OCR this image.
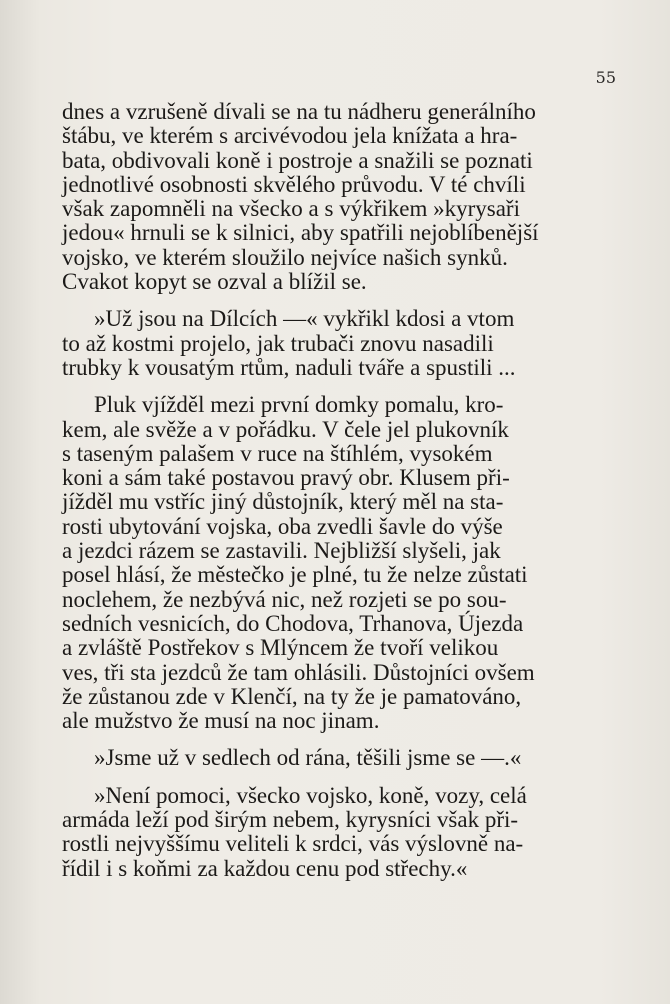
55

dnes a vzrušeně dívali se na tu nádheru generálního
štábu, ve kterém s arcivévodou jela knížata a hra-
bata, obdivovali koně i postroje a snažili se poznati
jednotlivé osobnosti skvělého průvodu. V té chvíli
však zapomněli na všecko a s výkřikem »kyrysaři
jedou« hrnuli se k silnici, aby spatřili nejoblíbenější
vojsko, ve kterém sloužilo nejvíce našich synků.
Cvakot kopyt se ozval a blížil se.

»Už jsou na Dílcích —« vykřikl kdosi a vtom
to až kostmi projelo, jak trubači znovu nasadili
trubky k vousatým rtům, naduli tváře a spustili ...

Pluk vjížděl mezi první domky pomalu, kro-
kem, ale svěže a v pořádku. V čele jel plukovník
s taseným palašem v ruce na štíhlém, vysokém
koni a sám také postavou pravý obr. Klusem při-
jížděl mu vstříc jiný důstojník, který měl na sta-
rosti ubytování vojska, oba zvedli šavle do výše
a jezdci rázem se zastavili. Nejbližší slyšeli, jak
posel hlásí, že městečko je plné, tu že nelze zůstati
noclehem, že nezbývá nic, než rozjeti se po sou-
sedních vesnicích, do Chodova, Trhanova, Újezda
a zvláště Postřekov s Mlýncem že tvoří velikou
ves, tři sta jezdců že tam ohlásili. Důstojníci ovšem
že zůstanou zde v Klenčí, na ty že je pamatováno,
ale mužstvo že musí na noc jinam.

»Jsme už v sedlech od rána, těšili jsme se —.«

»Není pomoci, všecko vojsko, koně, vozy, celá
armáda leží pod širým nebem, kyrysníci však při-
rostli nejvyššímu veliteli k srdci, vás výslovně na-
řídil i s koňmi za každou cenu pod střechy.«
